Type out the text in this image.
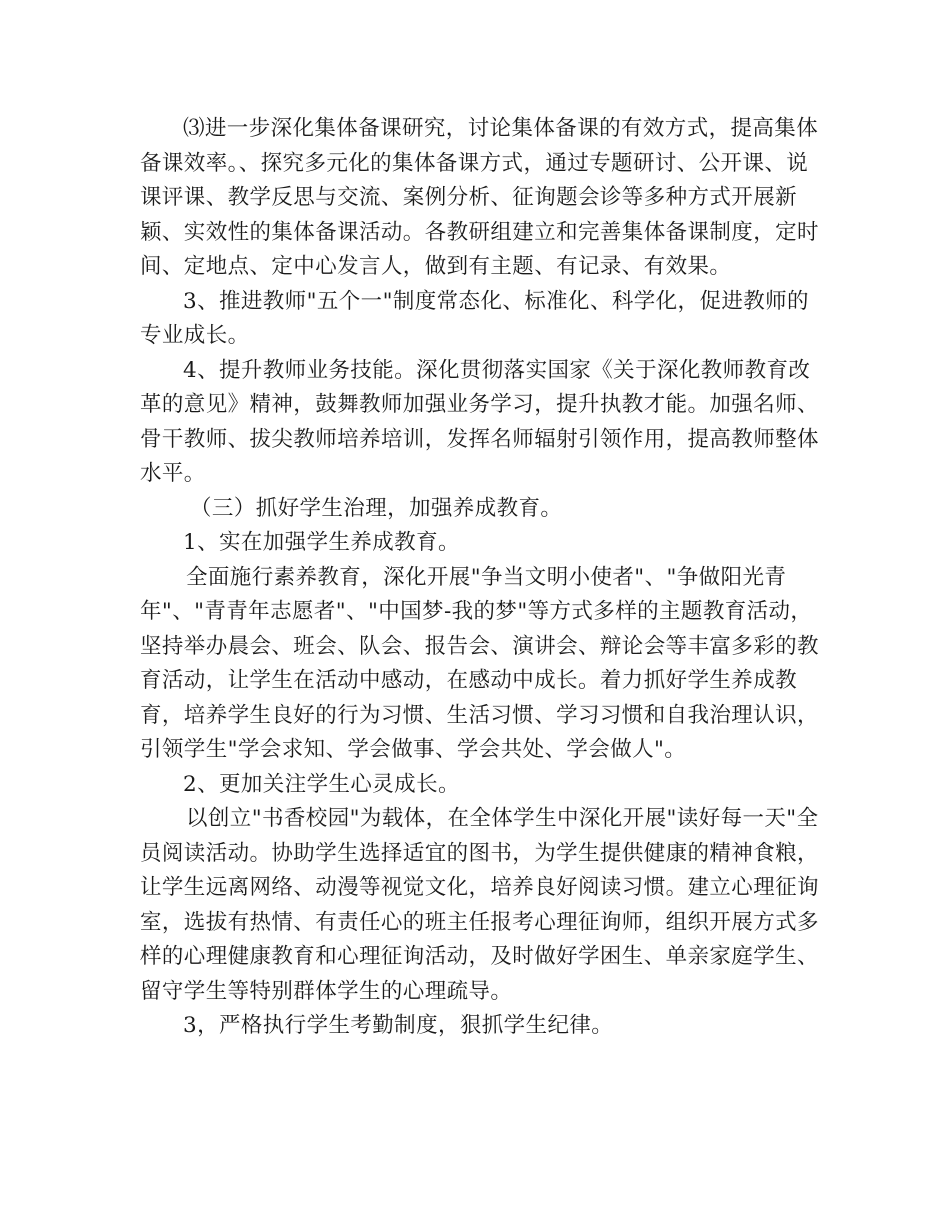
⑶进一步深化集体备课研究，讨论集体备课的有效方式，提高集体备课效率。、探究多元化的集体备课方式，通过专题研讨、公开课、说课评课、教学反思与交流、案例分析、征询题会诊等多种方式开展新颖、实效性的集体备课活动。各教研组建立和完善集体备课制度，定时间、定地点、定中心发言人，做到有主题、有记录、有效果。

3、推进教师"五个一"制度常态化、标准化、科学化，促进教师的专业成长。

4、提升教师业务技能。深化贯彻落实国家《关于深化教师教育改革的意见》精神，鼓舞教师加强业务学习，提升执教才能。加强名师、骨干教师、拔尖教师培养培训，发挥名师辐射引领作用，提高教师整体水平。

（三）抓好学生治理，加强养成教育。

1、实在加强学生养成教育。

全面施行素养教育，深化开展"争当文明小使者"、"争做阳光青年"、"青青年志愿者"、"中国梦-我的梦"等方式多样的主题教育活动，坚持举办晨会、班会、队会、报告会、演讲会、辩论会等丰富多彩的教育活动，让学生在活动中感动，在感动中成长。着力抓好学生养成教育，培养学生良好的行为习惯、生活习惯、学习习惯和自我治理认识，引领学生"学会求知、学会做事、学会共处、学会做人"。

2、更加关注学生心灵成长。

以创立"书香校园"为载体，在全体学生中深化开展"读好每一天"全员阅读活动。协助学生选择适宜的图书，为学生提供健康的精神食粮，让学生远离网络、动漫等视觉文化，培养良好阅读习惯。建立心理征询室，选拔有热情、有责任心的班主任报考心理征询师，组织开展方式多样的心理健康教育和心理征询活动，及时做好学困生、单亲家庭学生、留守学生等特别群体学生的心理疏导。

3，严格执行学生考勤制度，狠抓学生纪律。
